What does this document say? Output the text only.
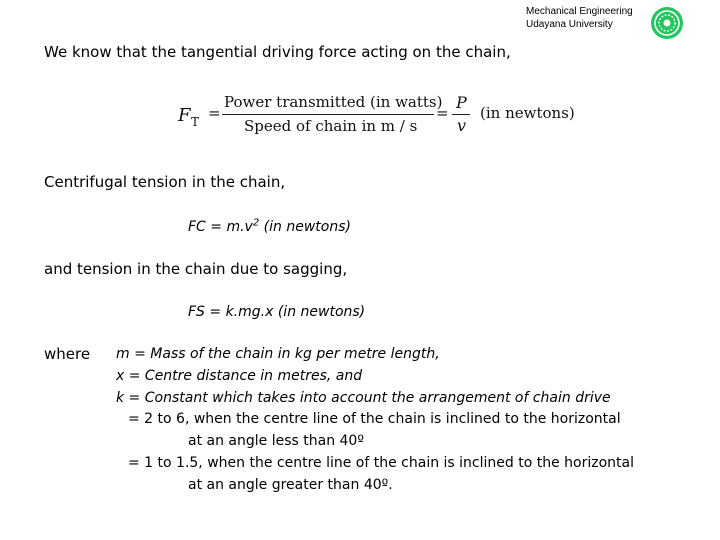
Mechanical Engineering
Udayana University
We know that the tangential driving force acting on the chain,
F T =
Power transmitted (in watts)
Speed of chain in m / s
=
P
v
(in newtons)
Centrifugal tension in the chain,
FC = $m.v^2$ (in newtons)
and tension in the chain due to sagging,
FS = k.mg.x (in newtons)
where m = Mass of the chain in kg per metre length,
x = Centre distance in metres, and
k = Constant which takes into account the arrangement of chain drive
= 2 to 6, when the centre line of the chain is inclined to the horizontal
at an angle less than 40º
= 1 to 1.5, when the centre line of the chain is inclined to the horizontal
at an angle greater than 40º.
